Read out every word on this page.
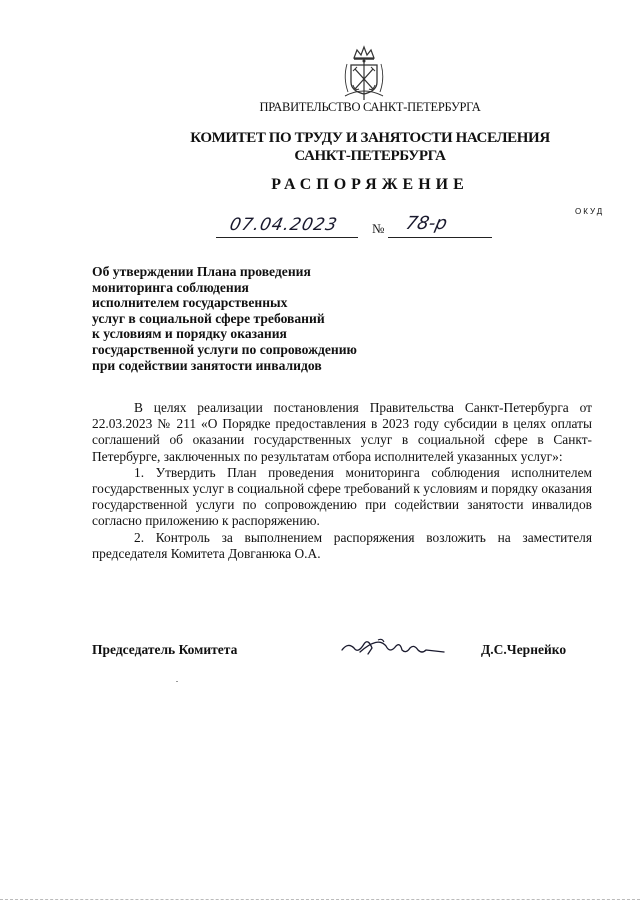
ПРАВИТЕЛЬСТВО САНКТ-ПЕТЕРБУРГА
КОМИТЕТ ПО ТРУДУ И ЗАНЯТОСТИ НАСЕЛЕНИЯ
САНКТ-ПЕТЕРБУРГА
РАСПОРЯЖЕНИЕ
ОКУД
07.04.2023	№ 78-р
Об утверждении Плана проведения
мониторинга соблюдения
исполнителем государственных
услуг в социальной сфере требований
к условиям и порядку оказания
государственной услуги по сопровождению
при содействии занятости инвалидов

В целях реализации постановления Правительства Санкт-Петербурга от 22.03.2023 № 211 «О Порядке предоставления в 2023 году субсидии в целях оплаты соглашений об оказании государственных услуг в социальной сфере в Санкт-Петербурге, заключенных по результатам отбора исполнителей указанных услуг»:

1. Утвердить План проведения мониторинга соблюдения исполнителем государственных услуг в социальной сфере требований к условиям и порядку оказания государственной услуги по сопровождению при содействии занятости инвалидов согласно приложению к распоряжению.

2. Контроль за выполнением распоряжения возложить на заместителя председателя Комитета Довганюка О.А.

Председатель Комитета	Д.С.Чернейко
